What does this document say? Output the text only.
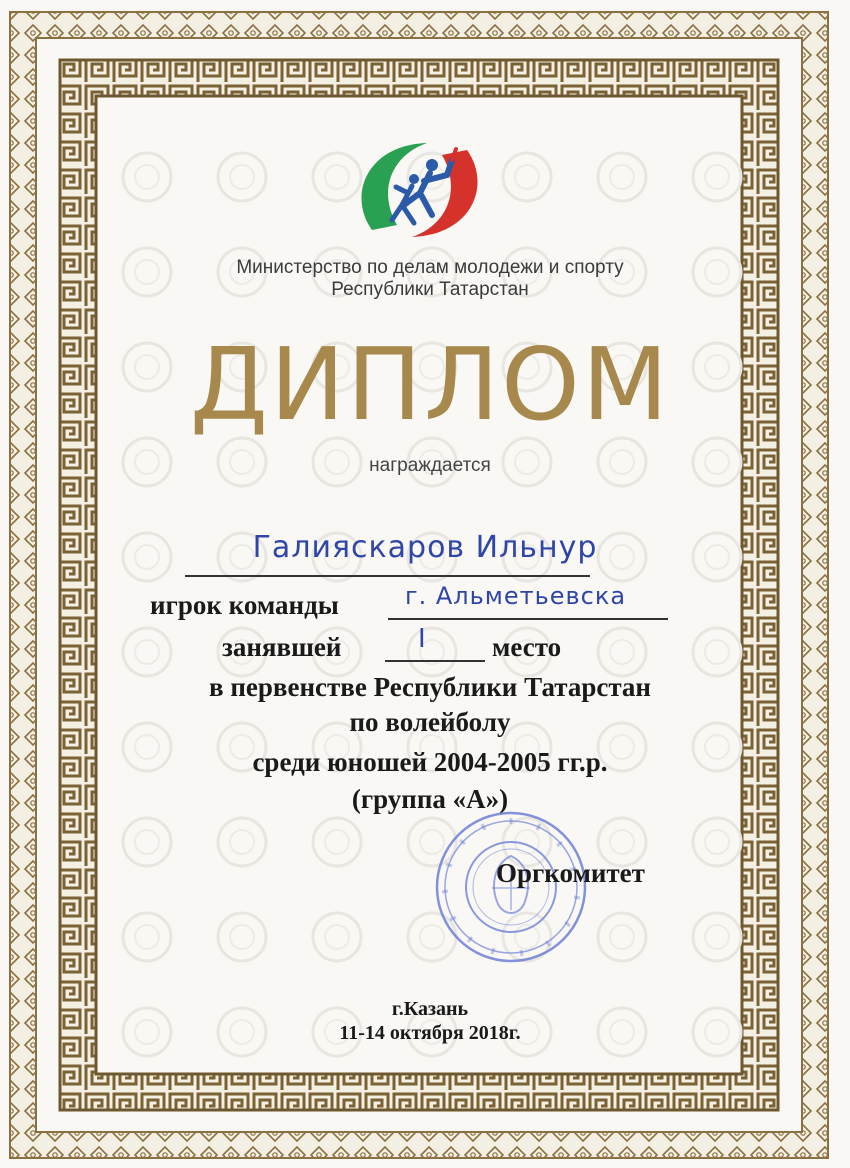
Министерство по делам молодежи и спорту
Республики Татарстан
ДИПЛОМ
награждается
Галияскаров Ильнур
игрок команды	г. Альметьевска
занявшей	I место
в первенстве Республики Татарстан
по волейболу
среди юношей 2004-2005 гг.р.
(группа «А»)
Оргкомитет
г.Казань
11-14 октября 2018г.
